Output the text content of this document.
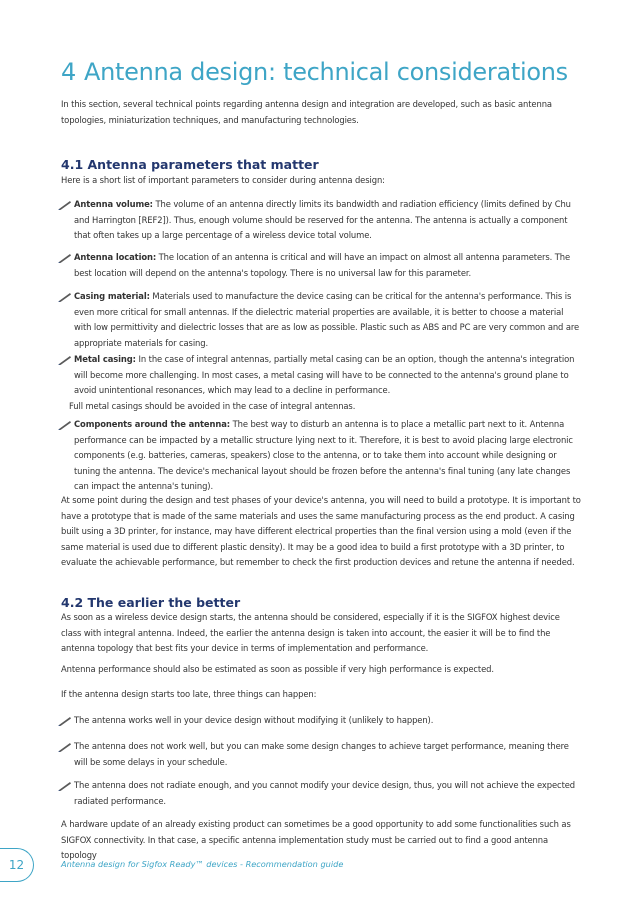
4 Antenna design: technical considerations

In this section, several technical points regarding antenna design and integration are developed, such as basic antenna topologies, miniaturization techniques, and manufacturing technologies.

4.1 Antenna parameters that matter

Here is a short list of important parameters to consider during antenna design:

Antenna volume: The volume of an antenna directly limits its bandwidth and radiation efficiency (limits defined by Chu and Harrington [REF2]). Thus, enough volume should be reserved for the antenna. The antenna is actually a component that often takes up a large percentage of a wireless device total volume.
Antenna location: The location of an antenna is critical and will have an impact on almost all antenna parameters. The best location will depend on the antenna's topology. There is no universal law for this parameter.
Casing material: Materials used to manufacture the device casing can be critical for the antenna's performance. This is even more critical for small antennas. If the dielectric material properties are available, it is better to choose a material with low permittivity and dielectric losses that are as low as possible. Plastic such as ABS and PC are very common and are appropriate materials for casing.
Metal casing: In the case of integral antennas, partially metal casing can be an option, though the antenna's integration will become more challenging. In most cases, a metal casing will have to be connected to the antenna's ground plane to avoid unintentional resonances, which may lead to a decline in performance.
Full metal casings should be avoided in the case of integral antennas.
Components around the antenna: The best way to disturb an antenna is to place a metallic part next to it. Antenna performance can be impacted by a metallic structure lying next to it. Therefore, it is best to avoid placing large electronic components (e.g. batteries, cameras, speakers) close to the antenna, or to take them into account while designing or tuning the antenna. The device's mechanical layout should be frozen before the antenna's final tuning (any late changes can impact the antenna's tuning).

At some point during the design and test phases of your device's antenna, you will need to build a prototype. It is important to have a prototype that is made of the same materials and uses the same manufacturing process as the end product. A casing built using a 3D printer, for instance, may have different electrical properties than the final version using a mold (even if the same material is used due to different plastic density). It may be a good idea to build a first prototype with a 3D printer, to evaluate the achievable performance, but remember to check the first production devices and retune the antenna if needed.

4.2 The earlier the better

As soon as a wireless device design starts, the antenna should be considered, especially if it is the SIGFOX highest device class with integral antenna. Indeed, the earlier the antenna design is taken into account, the easier it will be to find the antenna topology that best fits your device in terms of implementation and performance.

Antenna performance should also be estimated as soon as possible if very high performance is expected.

If the antenna design starts too late, three things can happen:

The antenna works well in your device design without modifying it (unlikely to happen).
The antenna does not work well, but you can make some design changes to achieve target performance, meaning there will be some delays in your schedule.
The antenna does not radiate enough, and you cannot modify your device design, thus, you will not achieve the expected radiated performance.

A hardware update of an already existing product can sometimes be a good opportunity to add some functionalities such as SIGFOX connectivity. In that case, a specific antenna implementation study must be carried out to find a good antenna topology

12	Antenna design for Sigfox Ready™ devices - Recommendation guide
